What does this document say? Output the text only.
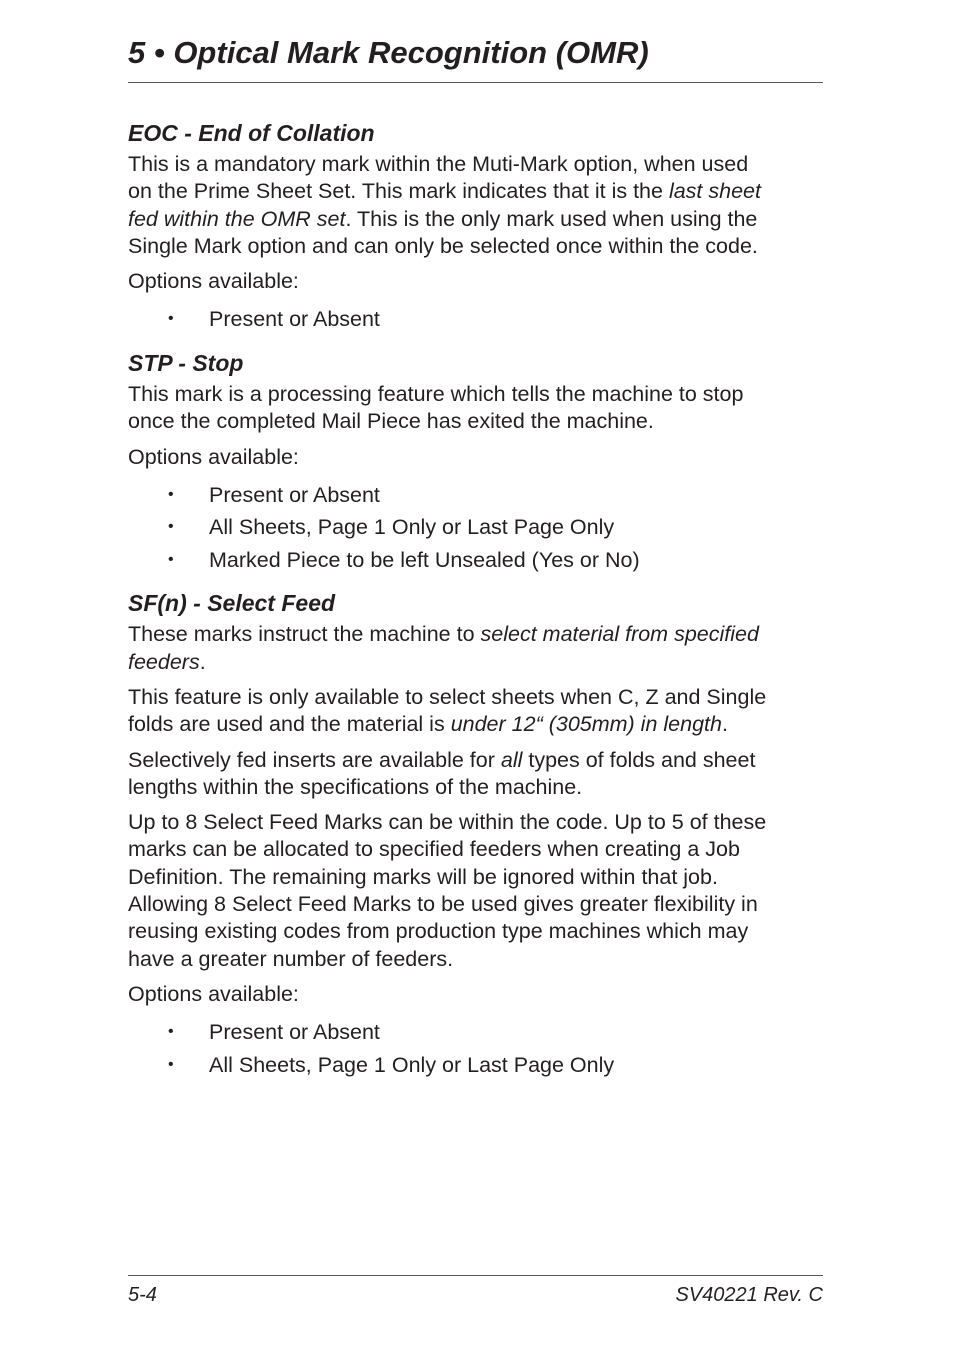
5 • Optical Mark Recognition (OMR)
EOC - End of Collation

This is a mandatory mark within the Muti-Mark option, when used
on the Prime Sheet Set. This mark indicates that it is the last sheet
fed within the OMR set. This is the only mark used when using the
Single Mark option and can only be selected once within the code.

Options available:

• Present or Absent
STP - Stop

This mark is a processing feature which tells the machine to stop
once the completed Mail Piece has exited the machine.

Options available:

• Present or Absent
• All Sheets, Page 1 Only or Last Page Only
• Marked Piece to be left Unsealed (Yes or No)
SF(n) - Select Feed

These marks instruct the machine to select material from specified
feeders.

This feature is only available to select sheets when C, Z and Single
folds are used and the material is under 12“ (305mm) in length.

Selectively fed inserts are available for all types of folds and sheet
lengths within the specifications of the machine.

Up to 8 Select Feed Marks can be within the code. Up to 5 of these
marks can be allocated to specified feeders when creating a Job
Definition. The remaining marks will be ignored within that job.
Allowing 8 Select Feed Marks to be used gives greater flexibility in
reusing existing codes from production type machines which may
have a greater number of feeders.

Options available:

• Present or Absent
• All Sheets, Page 1 Only or Last Page Only
5-4	SV40221 Rev. C
